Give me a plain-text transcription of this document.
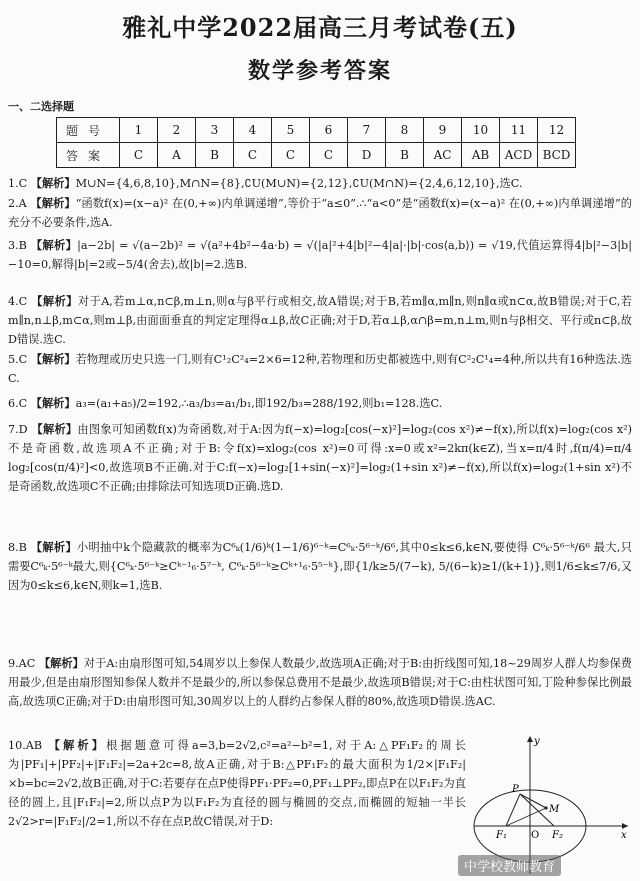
雅礼中学2022届高三月考试卷(五)
数学参考答案
一、二选择题
题号	1	2	3	4	5	6	7	8	9	10	11	12
答案	C	A	B	C	C	C	D	B	AC	AB	ACD	BCD
1.C 【解析】M∪N={4,6,8,10},M∩N={8},∁U(M∪N)={2,12},∁U(M∩N)={2,4,6,12,10},选C.
2.A 【解析】“函数f(x)=(x−a)² 在(0,+∞)内单调递增”,等价于“a≤0”.∴“a<0”是“函数f(x)=(x−a)² 在(0,+∞)内单调递增”的充分不必要条件,选A.
3.B 【解析】|a−2b| = √(a−2b)² = √(a²+4b²−4a·b) = √(|a|²+4|b|²−4|a|·|b|·cos⟨a,b⟩) = √19,代值运算得4|b|²−3|b|−10=0,解得|b|=2或−5/4(舍去),故|b|=2.选B.
4.C 【解析】对于A,若m⊥α,n⊂β,m⊥n,则α与β平行或相交,故A错误;对于B,若m∥α,m∥n,则n∥α或n⊂α,故B错误;对于C,若m∥n,n⊥β,m⊂α,则m⊥β,由面面垂直的判定定理得α⊥β,故C正确;对于D,若α⊥β,α∩β=m,n⊥m,则n与β相交、平行或n⊂β,故D错误.选C.
5.C 【解析】若物理或历史只选一门,则有C¹₂C²₄=2×6=12种,若物理和历史都被选中,则有C²₂C¹₄=4种,所以共有16种选法.选C.
6.C 【解析】a₃=(a₁+a₅)/2=192,∴a₃/b₃=a₁/b₁,即192/b₃=288/192,则b₁=128.选C.
7.D 【解析】由图象可知函数f(x)为奇函数,对于A:因为f(−x)=log₂[cos(−x)²]=log₂(cos x²)≠−f(x),所以f(x)=log₂(cos x²)不是奇函数,故选项A不正确;对于B:令f(x)=xlog₂(cos x²)=0可得:x=0或x²=2kπ(k∈Z),当x=π/4时,f(π/4)=π/4 log₂[cos(π/4)²]<0,故选项B不正确.对于C:f(−x)=log₂[1+sin(−x)²]=log₂(1+sin x²)≠−f(x),所以f(x)=log₂(1+sin x²)不是奇函数,故选项C不正确;由排除法可知选项D正确.选D.
8.B 【解析】小明抽中k个隐藏款的概率为C⁶ₖ(1/6)ᵏ(1−1/6)⁶⁻ᵏ=C⁶ₖ·5⁶⁻ᵏ/6⁶,其中0≤k≤6,k∈N,要使得 C⁶ₖ·5⁶⁻ᵏ/6⁶ 最大,只需要C⁶ₖ·5⁶⁻ᵏ最大,则{C⁶ₖ·5⁶⁻ᵏ≥Cᵏ⁻¹₆·5⁷⁻ᵏ, C⁶ₖ·5⁶⁻ᵏ≥Cᵏ⁺¹₆·5⁵⁻ᵏ},即{1/k≥5/(7−k), 5/(6−k)≥1/(k+1)},则1/6≤k≤7/6,又因为0≤k≤6,k∈N,则k=1,选B.
9.AC 【解析】对于A:由扇形图可知,54周岁以上参保人数最少,故选项A正确;对于B:由折线图可知,18~29周岁人群人均参保费用最少,但是由扇形图知参保人数并不是最少的,所以参保总费用不是最少,故选项B错误;对于C:由柱状图可知,丁险种参保比例最高,故选项C正确;对于D:由扇形图可知,30周岁以上的人群约占参保人群的80%,故选项D错误.选AC.
10.AB 【解析】根据题意可得a=3,b=2√2,c²=a²−b²=1,对于A:△PF₁F₂的周长为|PF₁|+|PF₂|+|F₁F₂|=2a+2c=8,故A正确,对于B:△PF₁F₂的最大面积为1/2×|F₁F₂|×b=bc=2√2,故B正确,对于C:若要存在点P使得PF₁·PF₂=0,PF₁⊥PF₂,即点P在以F₁F₂为直径的圆上,且|F₁F₂|=2,所以点P为以F₁F₂为直径的圆与椭圆的交点,而椭圆的短轴一半长2√2>r=|F₁F₂|/2=1,所以不存在点P,故C错误,对于D:
y
P
M
F₁ O F₂	x
中学校教师教育
